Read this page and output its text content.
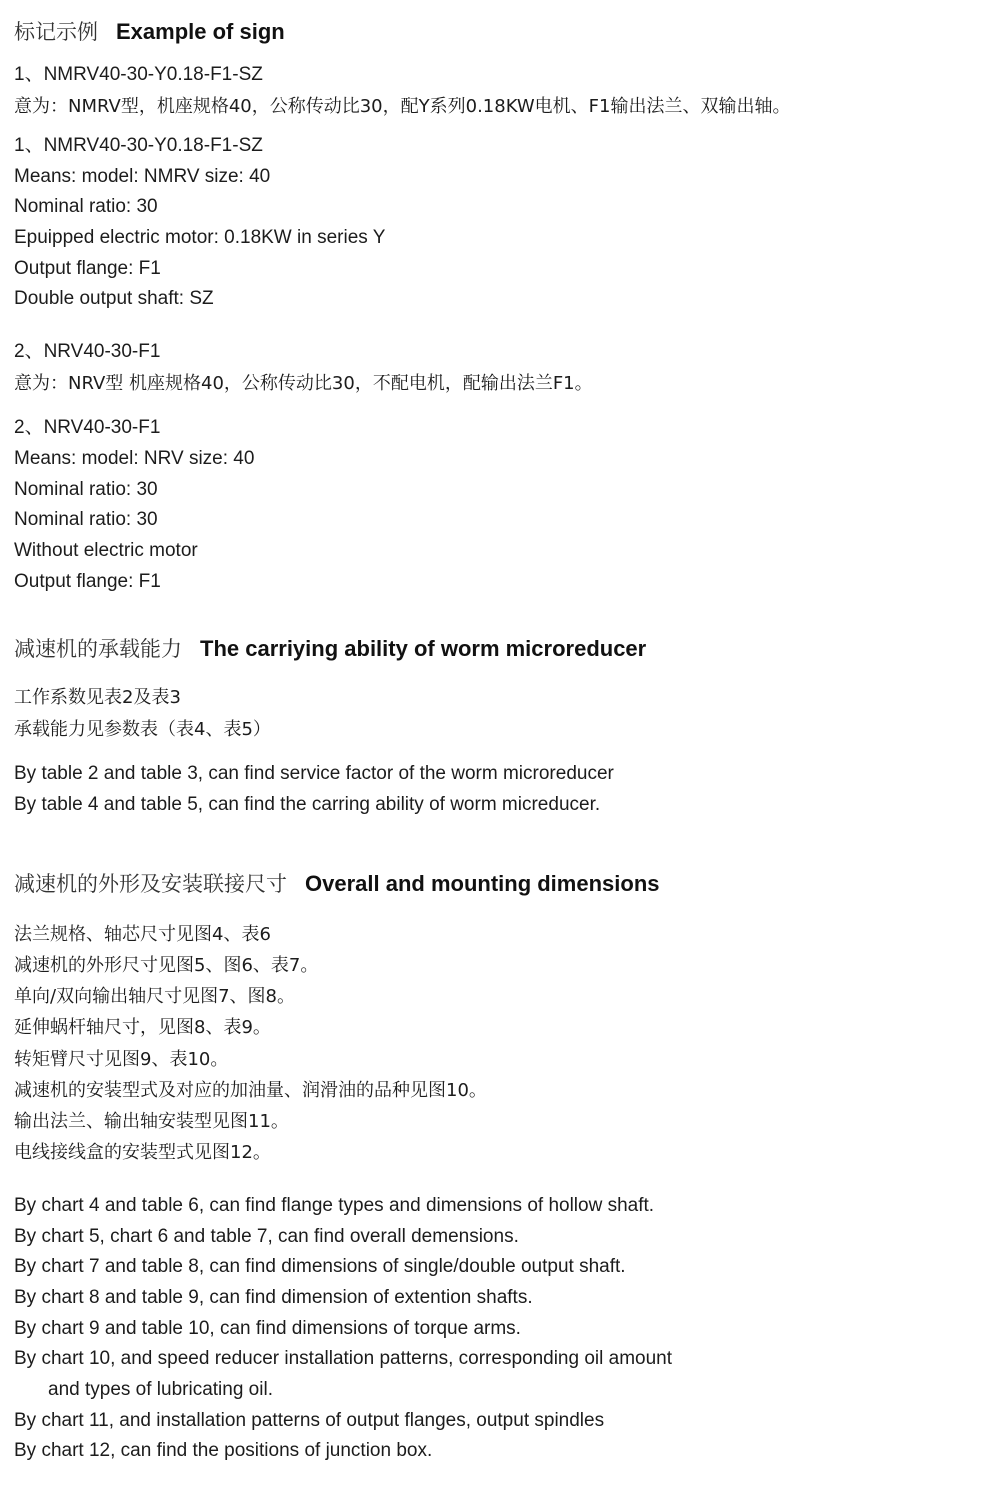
标记示例 Example of sign
1、NMRV40-30-Y0.18-F1-SZ
意为：NMRV型，机座规格40，公称传动比30，配Y系列0.18KW电机、F1输出法兰、双输出轴。
1、NMRV40-30-Y0.18-F1-SZ
Means: model: NMRV size: 40
Nominal ratio: 30
Epuipped electric motor: 0.18KW in series Y
Output flange: F1
Double output shaft: SZ
2、NRV40-30-F1
意为：NRV型 机座规格40，公称传动比30，不配电机，配输出法兰F1。
2、NRV40-30-F1
Means: model: NRV size: 40
Nominal ratio: 30
Nominal ratio: 30
Without electric motor
Output flange: F1
减速机的承载能力 The carriying ability of worm microreducer
工作系数见表2及表3
承载能力见参数表（表4、表5）
By table 2 and table 3, can find service factor of the worm microreducer
By table 4 and table 5, can find the carring ability of worm micreducer.
减速机的外形及安装联接尺寸 Overall and mounting dimensions
法兰规格、轴芯尺寸见图4、表6
减速机的外形尺寸见图5、图6、表7。
单向/双向输出轴尺寸见图7、图8。
延伸蜗杆轴尺寸，见图8、表9。
转矩臂尺寸见图9、表10。
减速机的安装型式及对应的加油量、润滑油的品种见图10。
输出法兰、输出轴安装型见图11。
电线接线盒的安装型式见图12。
By chart 4 and table 6, can find flange types and dimensions of hollow shaft.
By chart 5, chart 6 and table 7, can find overall demensions.
By chart 7 and table 8, can find dimensions of single/double output shaft.
By chart 8 and table 9, can find dimension of extention shafts.
By chart 9 and table 10, can find dimensions of torque arms.
By chart 10, and speed reducer installation patterns, corresponding oil amount
and types of lubricating oil.
By chart 11, and installation patterns of output flanges, output spindles
By chart 12, can find the positions of junction box.
